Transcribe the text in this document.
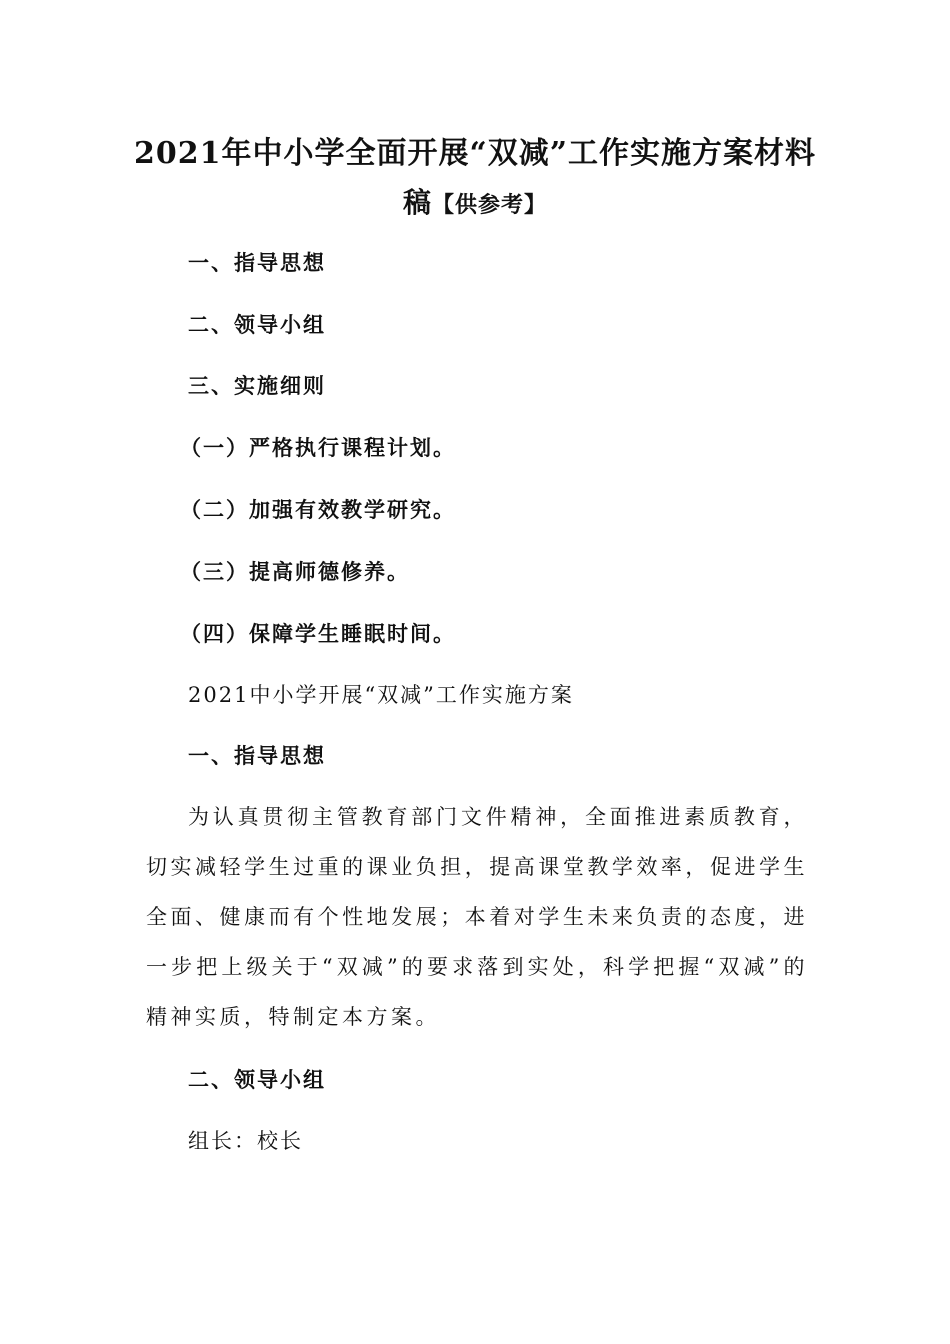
2021年中小学全面开展“双减”工作实施方案材料
稿【供参考】
一、指导思想
二、领导小组
三、实施细则
（一）严格执行课程计划。
（二）加强有效教学研究。
（三）提高师德修养。
（四）保障学生睡眠时间。
2021中小学开展“双减”工作实施方案
一、指导思想

为认真贯彻主管教育部门文件精神，全面推进素质教育，切实减轻学生过重的课业负担，提高课堂教学效率，促进学生全面、健康而有个性地发展；本着对学生未来负责的态度，进一步把上级关于“双减”的要求落到实处，科学把握“双减”的精神实质，特制定本方案。

二、领导小组
组长：校长
